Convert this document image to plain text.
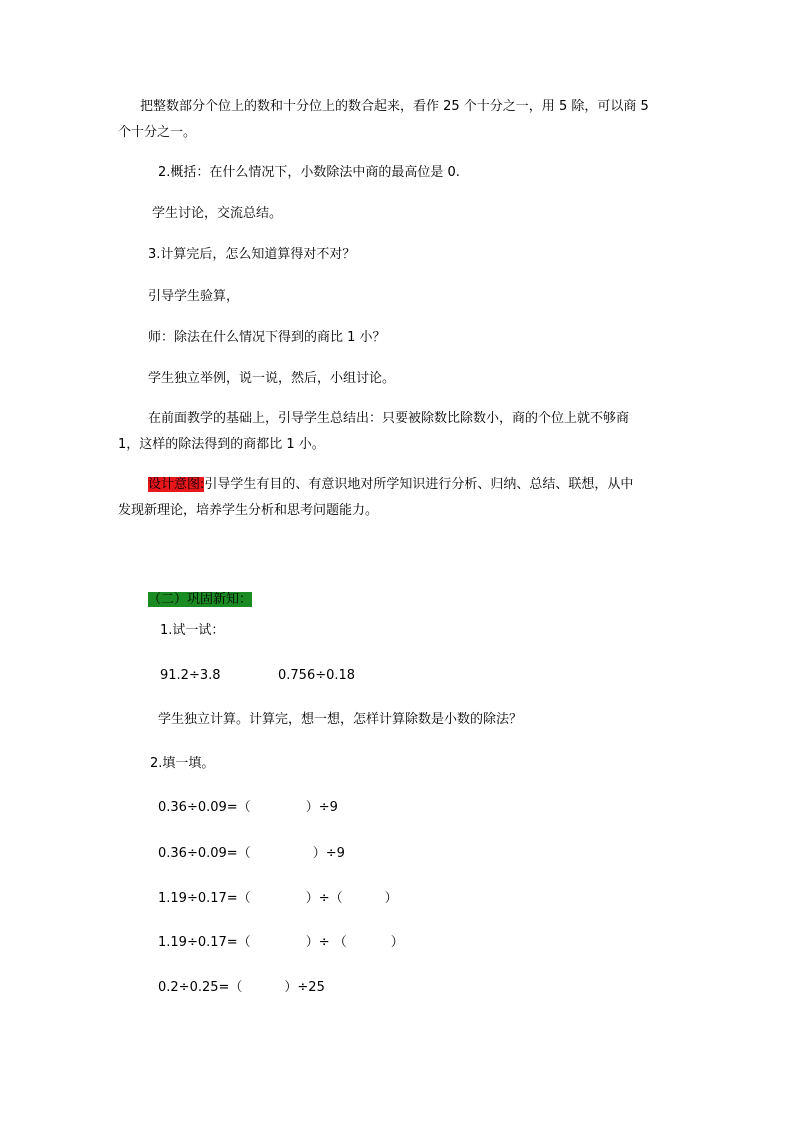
把整数部分个位上的数和十分位上的数合起来，看作 25 个十分之一，用 5 除，可以商 5
个十分之一。
2.概括：在什么情况下，小数除法中商的最高位是 0.
学生讨论，交流总结。
3.计算完后，怎么知道算得对不对？
引导学生验算，
师：除法在什么情况下得到的商比 1 小？
学生独立举例，说一说，然后，小组讨论。
在前面教学的基础上，引导学生总结出：只要被除数比除数小，商的个位上就不够商
1，这样的除法得到的商都比 1 小。
设计意图:引导学生有目的、有意识地对所学知识进行分析、归纳、总结、联想，从中
发现新理论，培养学生分析和思考问题能力。
（二）巩固新知：
1.试一试：
91.2÷3.8	0.756÷0.18
学生独立计算。计算完，想一想，怎样计算除数是小数的除法？
2.填一填。
0.36÷0.09=（	）÷9
0.36÷0.09=（	）÷9
1.19÷0.17=（	）÷（	）
1.19÷0.17=（	）÷ （	）
0.2÷0.25=（	）÷25
